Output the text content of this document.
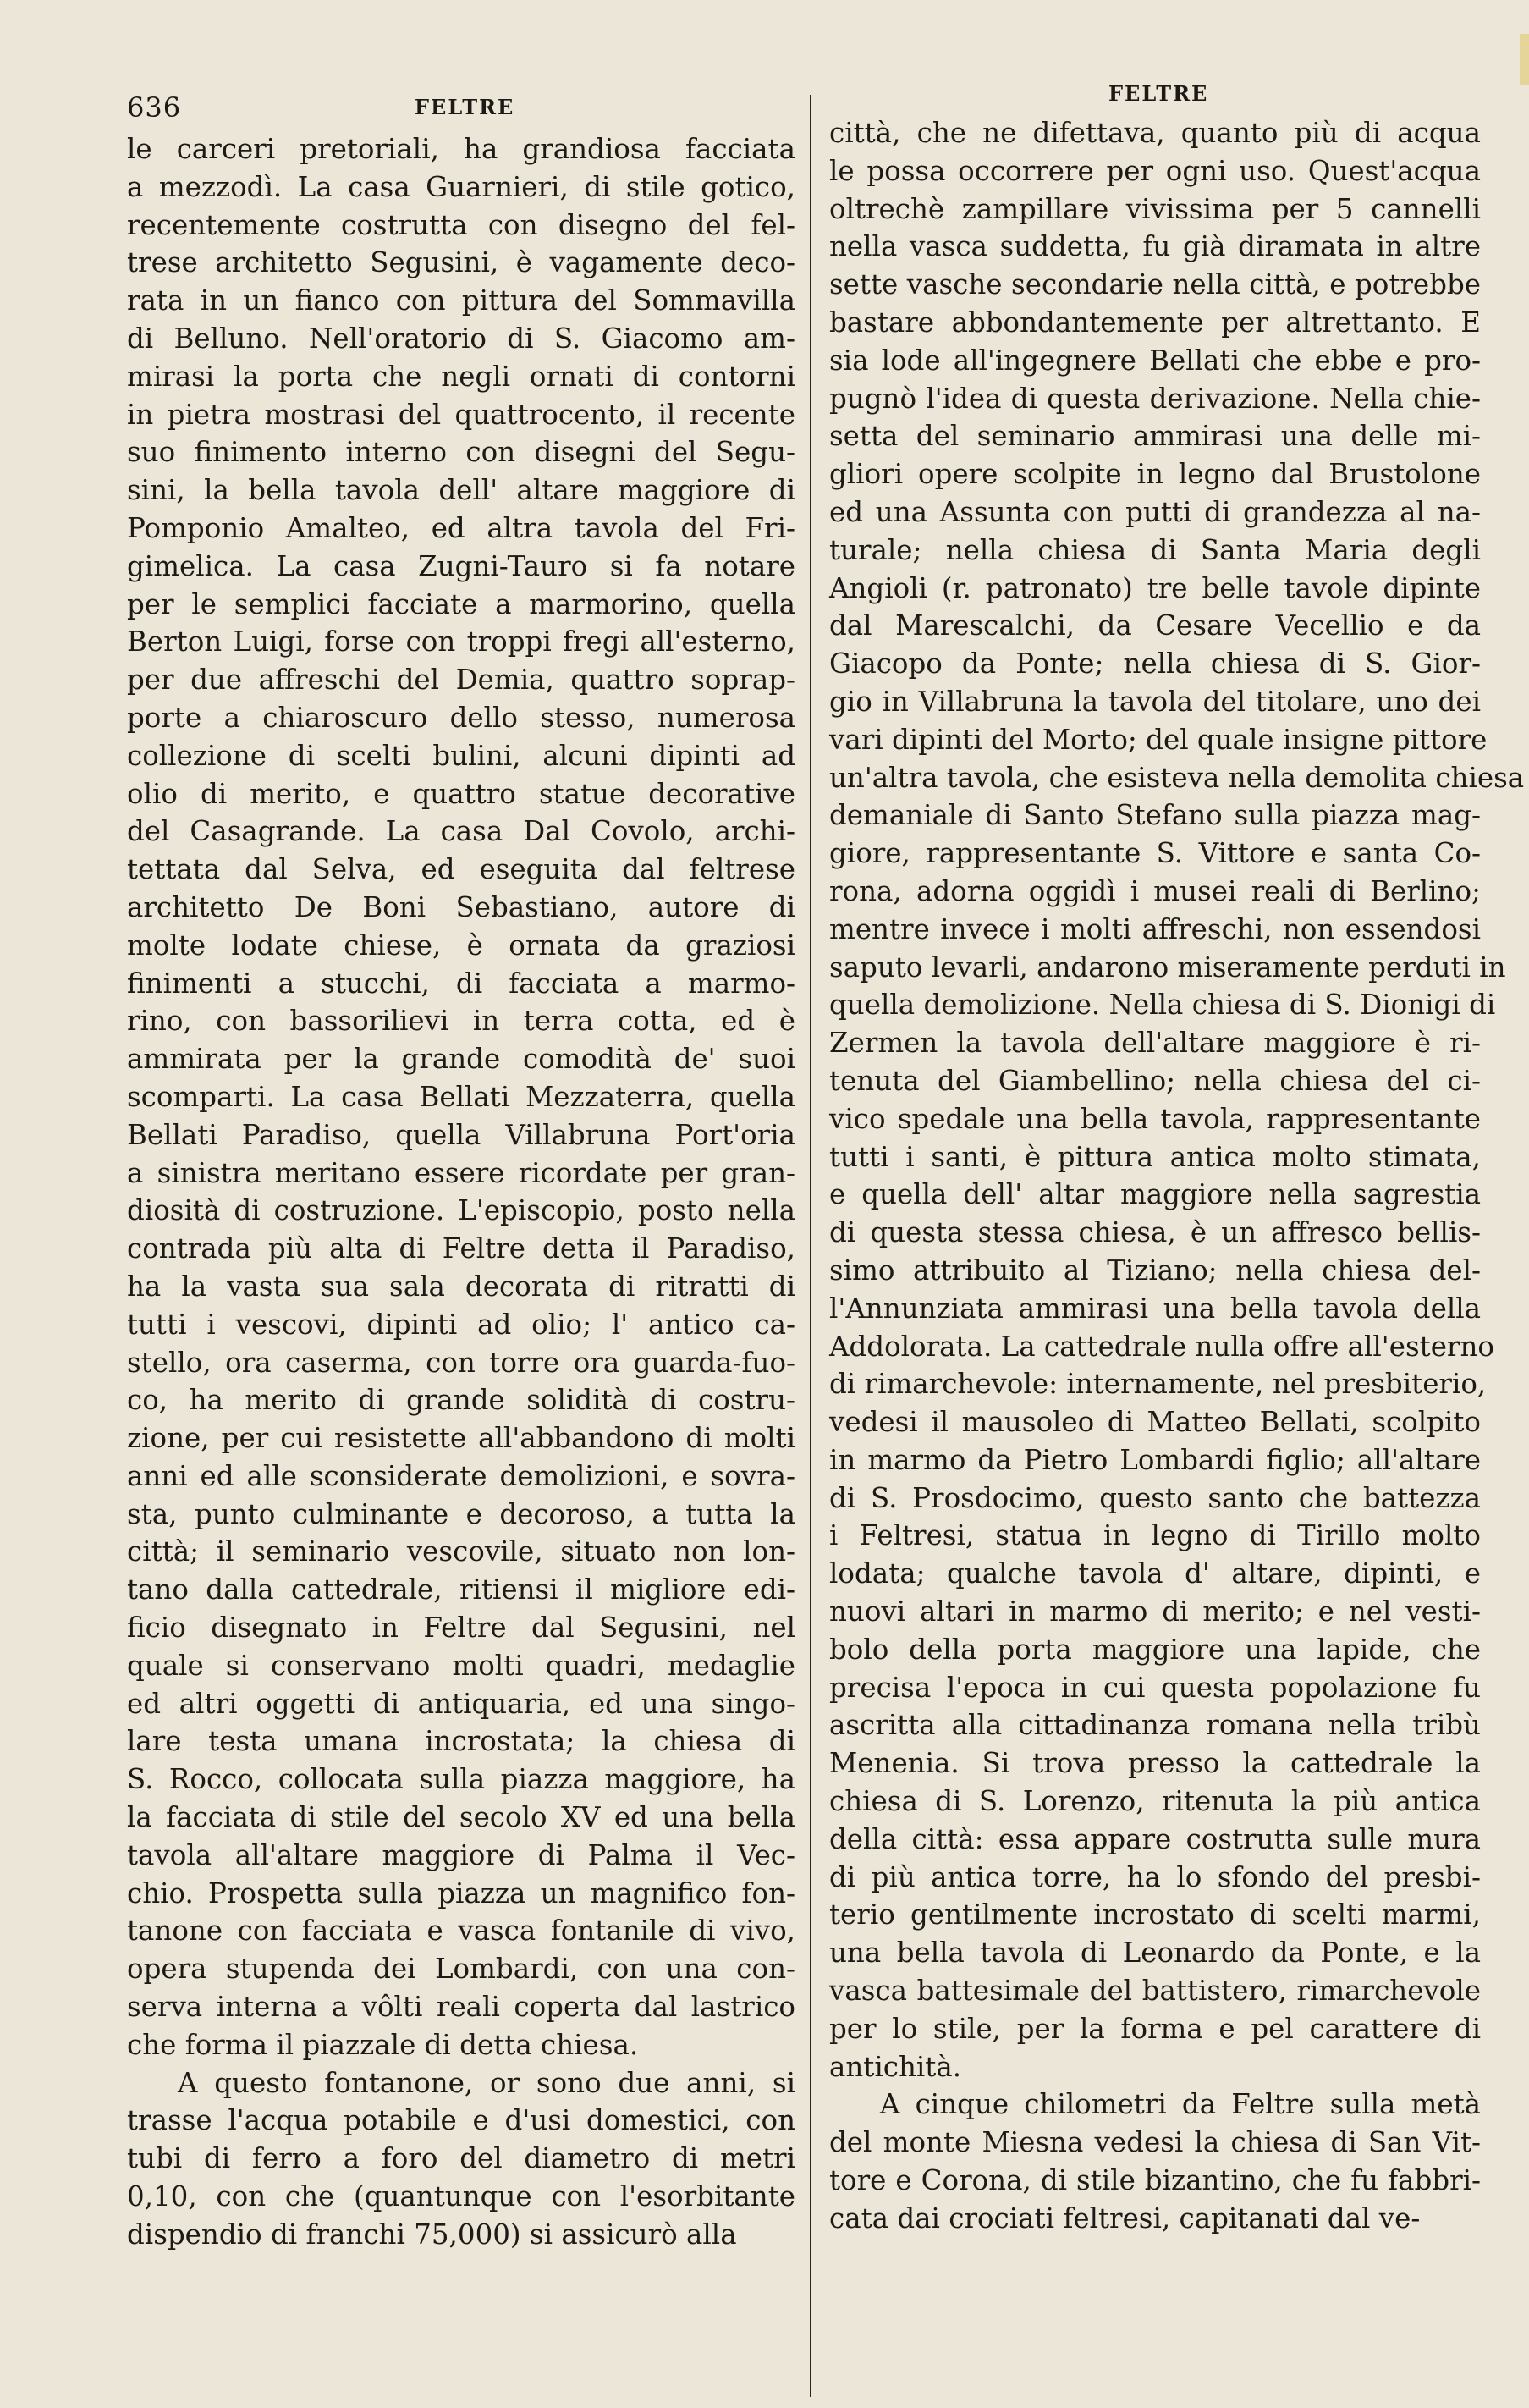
636	FELTRE
FELTRE
le carceri pretoriali, ha grandiosa facciata
a mezzodì. La casa Guarnieri, di stile gotico,
recentemente costrutta con disegno del fel-
trese architetto Segusini, è vagamente deco-
rata in un fianco con pittura del Sommavilla
di Belluno. Nell'oratorio di S. Giacomo am-
mirasi la porta che negli ornati di contorni
in pietra mostrasi del quattrocento, il recente
suo finimento interno con disegni del Segu-
sini, la bella tavola dell' altare maggiore di
Pomponio Amalteo, ed altra tavola del Fri-
gimelica. La casa Zugni-Tauro si fa notare
per le semplici facciate a marmorino, quella
Berton Luigi, forse con troppi fregi all'esterno,
per due affreschi del Demia, quattro soprap-
porte a chiaroscuro dello stesso, numerosa
collezione di scelti bulini, alcuni dipinti ad
olio di merito, e quattro statue decorative
del Casagrande. La casa Dal Covolo, archi-
tettata dal Selva, ed eseguita dal feltrese
architetto De Boni Sebastiano, autore di
molte lodate chiese, è ornata da graziosi
finimenti a stucchi, di facciata a marmo-
rino, con bassorilievi in terra cotta, ed è
ammirata per la grande comodità de' suoi
scomparti. La casa Bellati Mezzaterra, quella
Bellati Paradiso, quella Villabruna Port'oria
a sinistra meritano essere ricordate per gran-
diosità di costruzione. L'episcopio, posto nella
contrada più alta di Feltre detta il Paradiso,
ha la vasta sua sala decorata di ritratti di
tutti i vescovi, dipinti ad olio; l' antico ca-
stello, ora caserma, con torre ora guarda-fuo-
co, ha merito di grande solidità di costru-
zione, per cui resistette all'abbandono di molti
anni ed alle sconsiderate demolizioni, e sovra-
sta, punto culminante e decoroso, a tutta la
città; il seminario vescovile, situato non lon-
tano dalla cattedrale, ritiensi il migliore edi-
ficio disegnato in Feltre dal Segusini, nel
quale si conservano molti quadri, medaglie
ed altri oggetti di antiquaria, ed una singo-
lare testa umana incrostata; la chiesa di
S. Rocco, collocata sulla piazza maggiore, ha
la facciata di stile del secolo XV ed una bella
tavola all'altare maggiore di Palma il Vec-
chio. Prospetta sulla piazza un magnifico fon-
tanone con facciata e vasca fontanile di vivo,
opera stupenda dei Lombardi, con una con-
serva interna a vôlti reali coperta dal lastrico
che forma il piazzale di detta chiesa.
A questo fontanone, or sono due anni, si
trasse l'acqua potabile e d'usi domestici, con
tubi di ferro a foro del diametro di metri
0,10, con che (quantunque con l'esorbitante
dispendio di franchi 75,000) si assicurò alla
città, che ne difettava, quanto più di acqua
le possa occorrere per ogni uso. Quest'acqua
oltrechè zampillare vivissima per 5 cannelli
nella vasca suddetta, fu già diramata in altre
sette vasche secondarie nella città, e potrebbe
bastare abbondantemente per altrettanto. E
sia lode all'ingegnere Bellati che ebbe e pro-
pugnò l'idea di questa derivazione. Nella chie-
setta del seminario ammirasi una delle mi-
gliori opere scolpite in legno dal Brustolone
ed una Assunta con putti di grandezza al na-
turale; nella chiesa di Santa Maria degli
Angioli (r. patronato) tre belle tavole dipinte
dal Marescalchi, da Cesare Vecellio e da
Giacopo da Ponte; nella chiesa di S. Gior-
gio in Villabruna la tavola del titolare, uno dei
vari dipinti del Morto; del quale insigne pittore
un'altra tavola, che esisteva nella demolita chiesa
demaniale di Santo Stefano sulla piazza mag-
giore, rappresentante S. Vittore e santa Co-
rona, adorna oggidì i musei reali di Berlino;
mentre invece i molti affreschi, non essendosi
saputo levarli, andarono miseramente perduti in
quella demolizione. Nella chiesa di S. Dionigi di
Zermen la tavola dell'altare maggiore è ri-
tenuta del Giambellino; nella chiesa del ci-
vico spedale una bella tavola, rappresentante
tutti i santi, è pittura antica molto stimata,
e quella dell' altar maggiore nella sagrestia
di questa stessa chiesa, è un affresco bellis-
simo attribuito al Tiziano; nella chiesa del-
l'Annunziata ammirasi una bella tavola della
Addolorata. La cattedrale nulla offre all'esterno
di rimarchevole: internamente, nel presbiterio,
vedesi il mausoleo di Matteo Bellati, scolpito
in marmo da Pietro Lombardi figlio; all'altare
di S. Prosdocimo, questo santo che battezza
i Feltresi, statua in legno di Tirillo molto
lodata; qualche tavola d' altare, dipinti, e
nuovi altari in marmo di merito; e nel vesti-
bolo della porta maggiore una lapide, che
precisa l'epoca in cui questa popolazione fu
ascritta alla cittadinanza romana nella tribù
Menenia. Si trova presso la cattedrale la
chiesa di S. Lorenzo, ritenuta la più antica
della città: essa appare costrutta sulle mura
di più antica torre, ha lo sfondo del presbi-
terio gentilmente incrostato di scelti marmi,
una bella tavola di Leonardo da Ponte, e la
vasca battesimale del battistero, rimarchevole
per lo stile, per la forma e pel carattere di
antichità.
A cinque chilometri da Feltre sulla metà
del monte Miesna vedesi la chiesa di San Vit-
tore e Corona, di stile bizantino, che fu fabbri-
cata dai crociati feltresi, capitanati dal ve-
